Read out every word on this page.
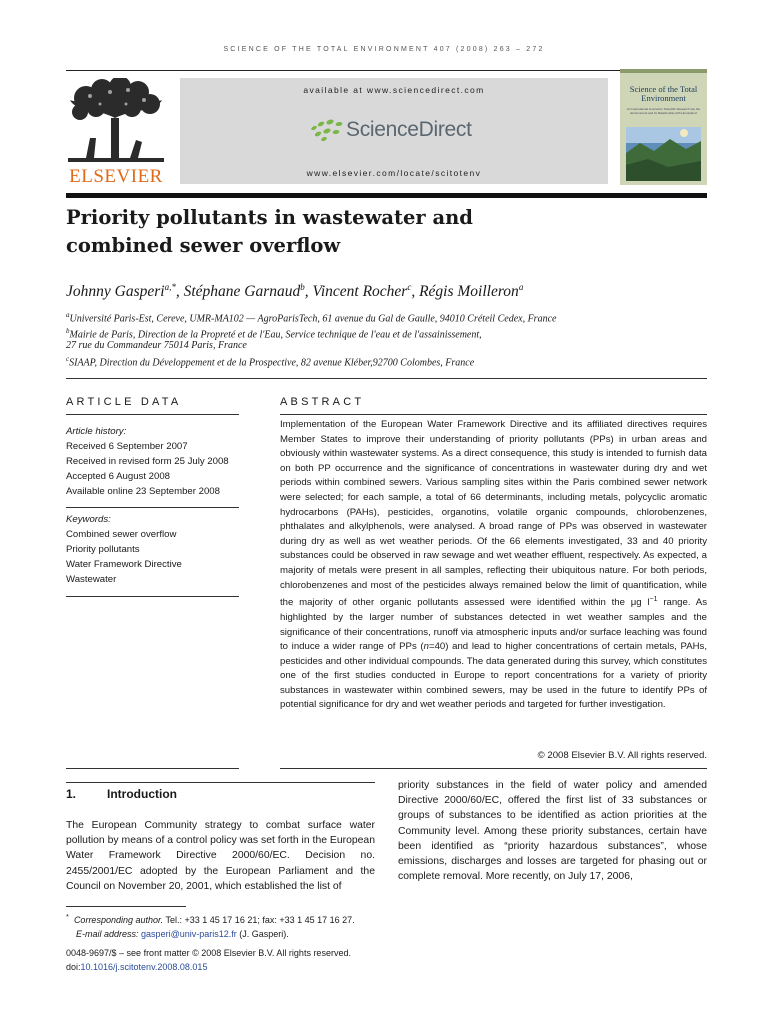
SCIENCE OF THE TOTAL ENVIRONMENT 407 (2008) 263 – 272
ELSEVIER
available at www.sciencedirect.com
ScienceDirect
www.elsevier.com/locate/scitotenv
Science of the Total Environment
An International Journal for Scientific Research into the Environment and its Relationship with Humankind
Priority pollutants in wastewater and
combined sewer overflow
Johnny Gasperi$^{a,*}$, Stéphane Garnaud$^b$, Vincent Rocher$^c$, Régis Moilleron$^a$
$^a$Université Paris-Est, Cereve, UMR-MA102 — AgroParisTech, 61 avenue du Gal de Gaulle, 94010 Créteil Cedex, France
$^b$Mairie de Paris, Direction de la Propreté et de l'Eau, Service technique de l'eau et de l'assainissement,
27 rue du Commandeur 75014 Paris, France
$^c$SIAAP, Direction du Développement et de la Prospective, 82 avenue Kléber,92700 Colombes, France
ARTICLE DATA
Article history:
Received 6 September 2007
Received in revised form 25 July 2008
Accepted 6 August 2008
Available online 23 September 2008
Keywords:
Combined sewer overflow
Priority pollutants
Water Framework Directive
Wastewater
ABSTRACT
Implementation of the European Water Framework Directive and its affiliated directives requires Member States to improve their understanding of priority pollutants (PPs) in urban areas and obviously within wastewater systems. As a direct consequence, this study is intended to furnish data on both PP occurrence and the significance of concentrations in wastewater during dry and wet periods within combined sewers. Various sampling sites within the Paris combined sewer network were selected; for each sample, a total of 66 determinants, including metals, polycyclic aromatic hydrocarbons (PAHs), pesticides, organotins, volatile organic compounds, chlorobenzenes, phthalates and alkylphenols, were analysed. A broad range of PPs was observed in wastewater during dry as well as wet weather periods. Of the 66 elements investigated, 33 and 40 priority substances could be observed in raw sewage and wet weather effluent, respectively. As expected, a majority of metals were present in all samples, reflecting their ubiquitous nature. For both periods, chlorobenzenes and most of the pesticides always remained below the limit of quantification, while the majority of other organic pollutants assessed were identified within the μg $l^{-1}$ range. As highlighted by the larger number of substances detected in wet weather samples and the significance of their concentrations, runoff via atmospheric inputs and/or surface leaching was found to induce a wider range of PPs (n=40) and lead to higher concentrations of certain metals, PAHs, pesticides and other individual compounds. The data generated during this survey, which constitutes one of the first studies conducted in Europe to report concentrations for a variety of priority substances in wastewater within combined sewers, may be used in the future to identify PPs of potential significance for dry and wet weather periods and targeted for further investigation.
© 2008 Elsevier B.V. All rights reserved.
1.	Introduction
The European Community strategy to combat surface water pollution by means of a control policy was set forth in the European Water Framework Directive 2000/60/EC. Decision no. 2455/2001/EC adopted by the European Parliament and the Council on November 20, 2001, which established the list of
priority substances in the field of water policy and amended Directive 2000/60/EC, offered the first list of 33 substances or groups of substances to be identified as action priorities at the Community level. Among these priority substances, certain have been identified as “priority hazardous substances”, whose emissions, discharges and losses are targeted for phasing out or complete removal. More recently, on July 17, 2006,
* Corresponding author. Tel.: +33 1 45 17 16 21; fax: +33 1 45 17 16 27.
E-mail address: gasperi@univ-paris12.fr (J. Gasperi).
0048-9697/$ – see front matter © 2008 Elsevier B.V. All rights reserved.
doi:10.1016/j.scitotenv.2008.08.015
